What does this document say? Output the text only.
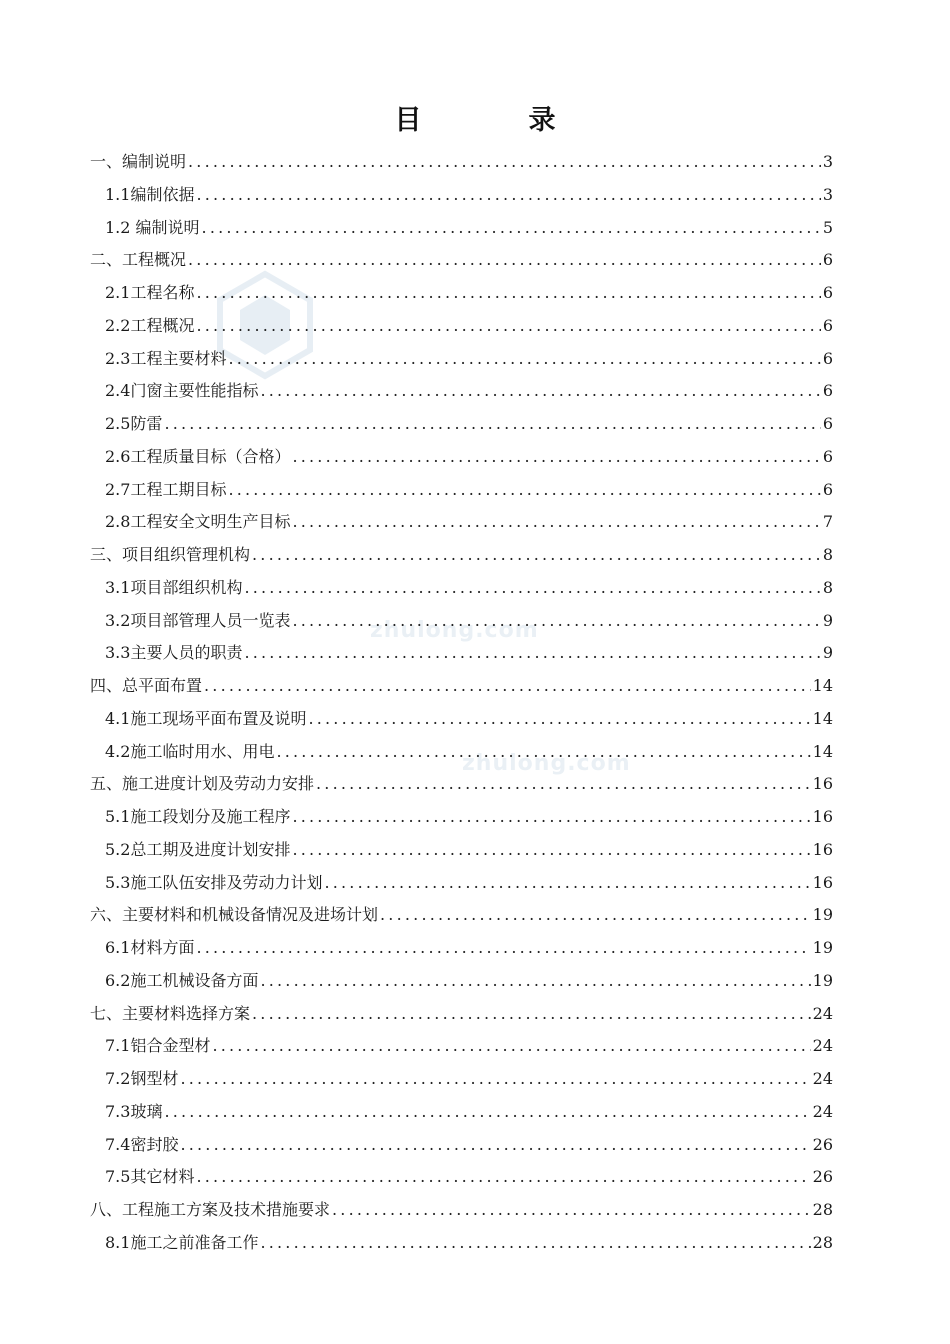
zhulong.com
zhulong.com
目　录
一、编制说明 .....	3
1.1编制依据 .....	3
1.2 编制说明 .....	5
二、工程概况 .....	6
2.1工程名称 .....	6
2.2工程概况 .....	6
2.3工程主要材料 .....	6
2.4门窗主要性能指标 .....	6
2.5防雷 .....	6
2.6工程质量目标（合格） .....	6
2.7工程工期目标 .....	6
2.8工程安全文明生产目标 .....	7
三、项目组织管理机构 .....	8
3.1项目部组织机构 .....	8
3.2项目部管理人员一览表 .....	9
3.3主要人员的职责 .....	9
四、总平面布置 .....	14
4.1施工现场平面布置及说明 .....	14
4.2施工临时用水、用电 .....	14
五、施工进度计划及劳动力安排 .....	16
5.1施工段划分及施工程序 .....	16
5.2总工期及进度计划安排 .....	16
5.3施工队伍安排及劳动力计划 .....	16
六、主要材料和机械设备情况及进场计划 .....	19
6.1材料方面 .....	19
6.2施工机械设备方面 .....	19
七、主要材料选择方案 .....	24
7.1铝合金型材 .....	24
7.2钢型材 .....	24
7.3玻璃 .....	24
7.4密封胶 .....	26
7.5其它材料 .....	26
八、工程施工方案及技术措施要求 .....	28
8.1施工之前准备工作 .....	28
